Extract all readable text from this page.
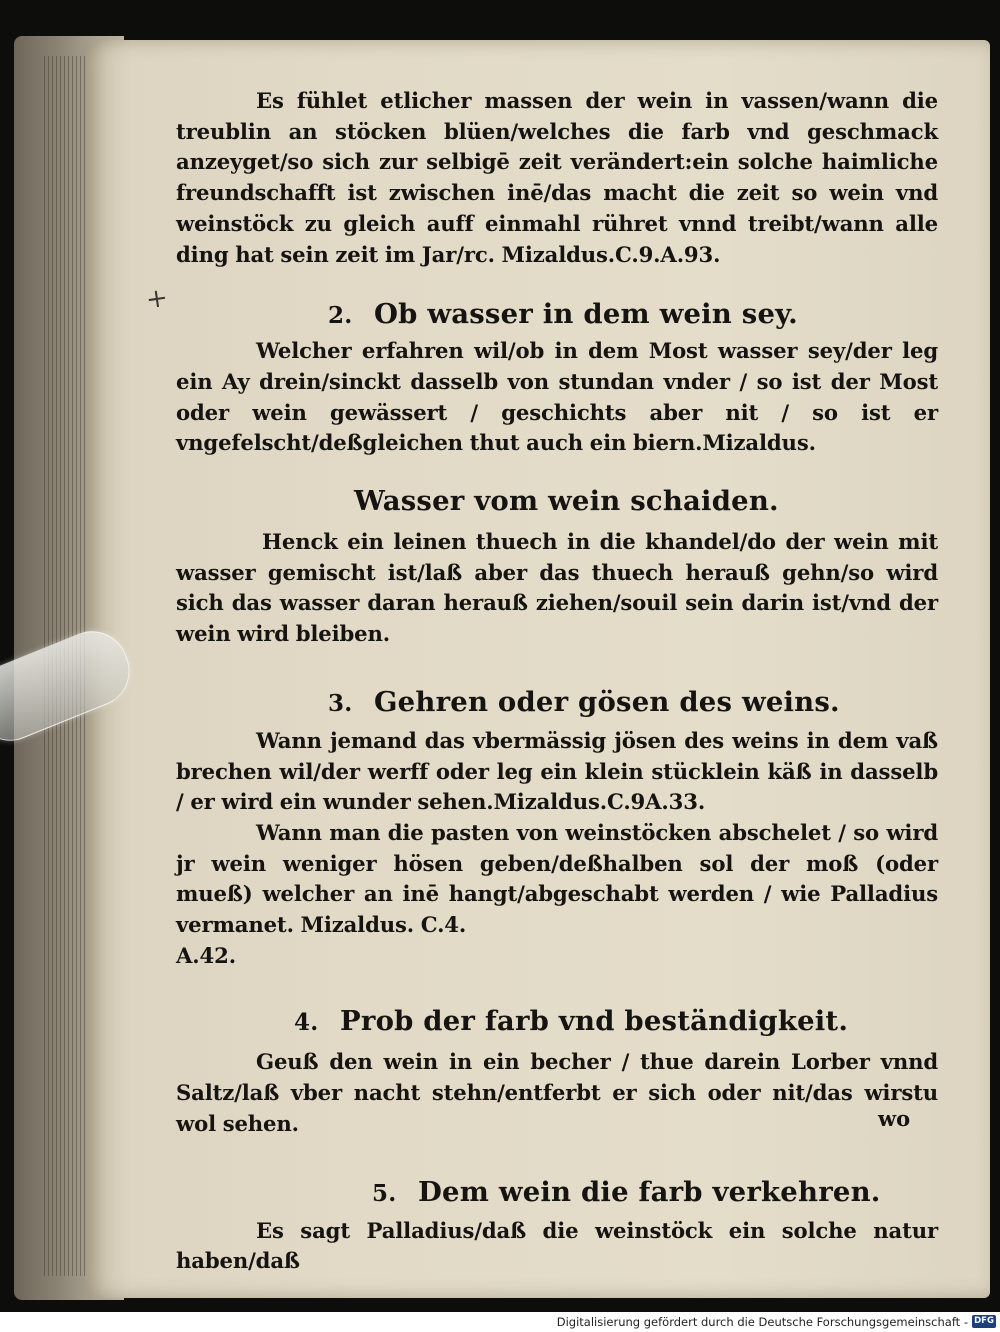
+

Es fühlet etlicher massen der wein in vassen/wann die treublin an stöcken blüen/welches die farb vnd geschmack anzeyget/so sich zur selbigē zeit verändert:ein solche haimliche freundschafft ist zwischen inē/das macht die zeit so wein vnd weinstöck zu gleich auff einmahl rühret vnnd treibt/wann alle ding hat sein zeit im Jar/rc. Mizaldus.C.9.A.93.

2. Ob wasser in dem wein sey.

Welcher erfahren wil/ob in dem Most wasser sey/der leg ein Ay drein/sinckt dasselb von stundan vnder / so ist der Most oder wein gewässert / geschichts aber nit / so ist er vngefelscht/deßgleichen thut auch ein biern.Mizaldus.

Wasser vom wein schaiden.

Henck ein leinen thuech in die khandel/do der wein mit wasser gemischt ist/laß aber das thuech herauß gehn/so wird sich das wasser daran herauß ziehen/souil sein darin ist/vnd der wein wird bleiben.

3. Gehren oder gösen des weins.

Wann jemand das vbermässig jösen des weins in dem vaß brechen wil/der werff oder leg ein klein stücklein käß in dasselb / er wird ein wunder sehen.Mizaldus.C.9A.33.

Wann man die pasten von weinstöcken abschelet / so wird jr wein weniger hösen geben/deßhalben sol der moß (oder mueß) welcher an inē hangt/abgeschabt werden / wie Palladius vermanet. Mizaldus. C.4.

A.42.

4. Prob der farb vnd beständigkeit.

Geuß den wein in ein becher / thue darein Lorber vnnd Saltz/laß vber nacht stehn/entferbt er sich oder nit/das wirstu wol sehen.

5. Dem wein die farb verkehren.

Es sagt Palladius/daß die weinstöck ein solche natur haben/daß

wo
Digitalisierung gefördert durch die Deutsche Forschungsgemeinschaft - DFG
